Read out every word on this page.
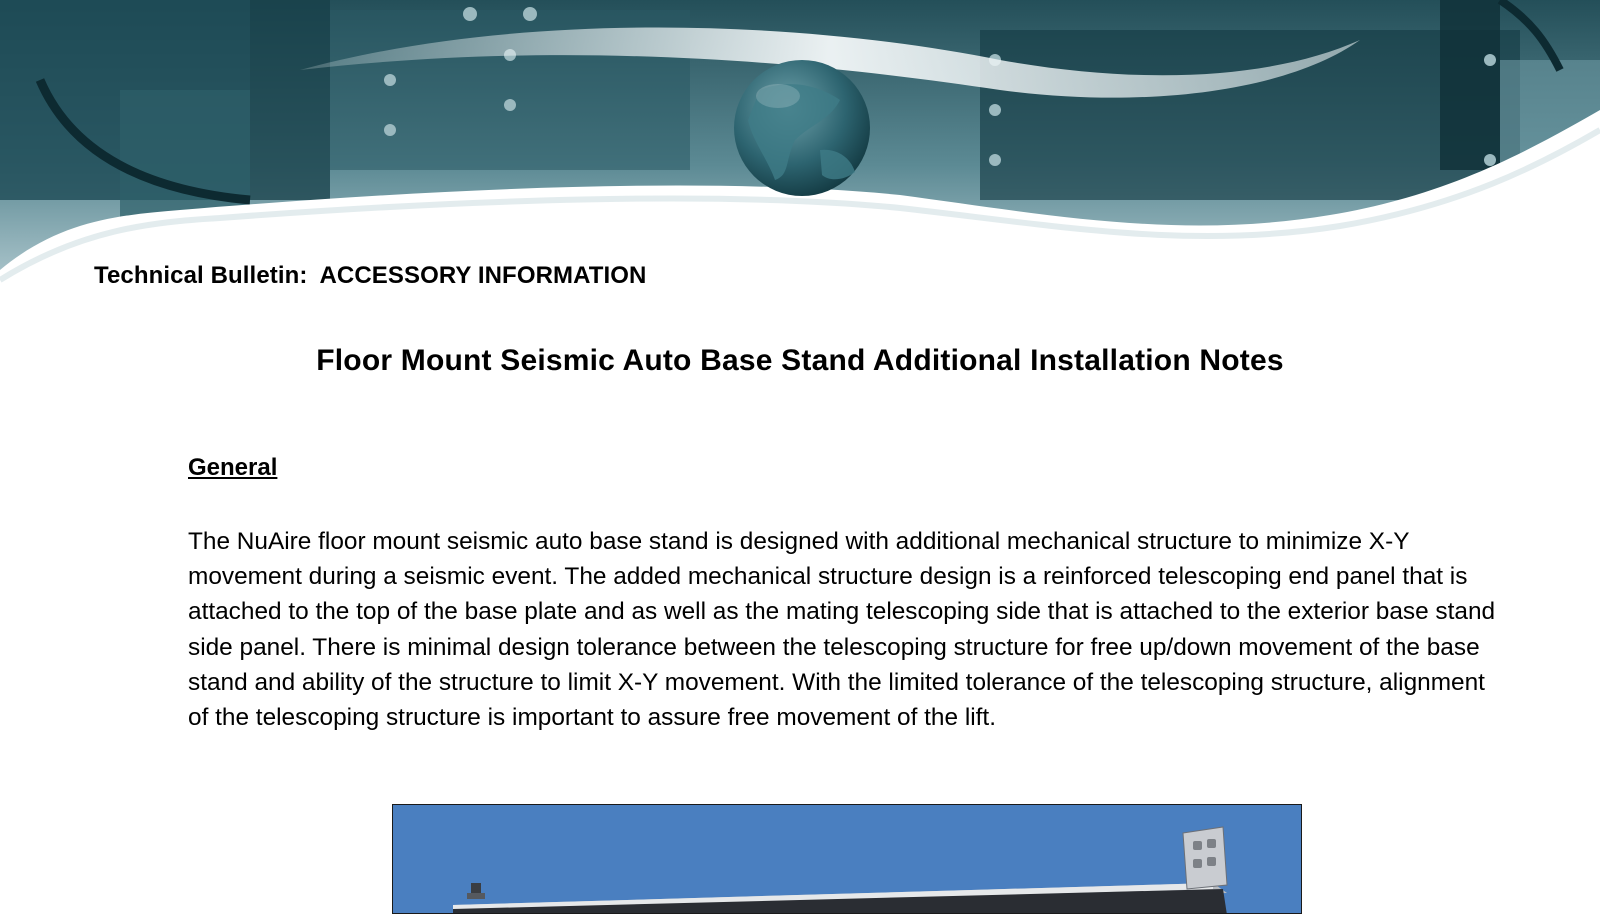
Technical Bulletin: ACCESSORY INFORMATION
Floor Mount Seismic Auto Base Stand Additional Installation Notes
General
The NuAire floor mount seismic auto base stand is designed with additional mechanical structure to minimize X-Y movement during a seismic event. The added mechanical structure design is a reinforced telescoping end panel that is attached to the top of the base plate and as well as the mating telescoping side that is attached to the exterior base stand side panel. There is minimal design tolerance between the telescoping structure for free up/down movement of the base stand and ability of the structure to limit X-Y movement. With the limited tolerance of the telescoping structure, alignment of the telescoping structure is important to assure free movement of the lift.
